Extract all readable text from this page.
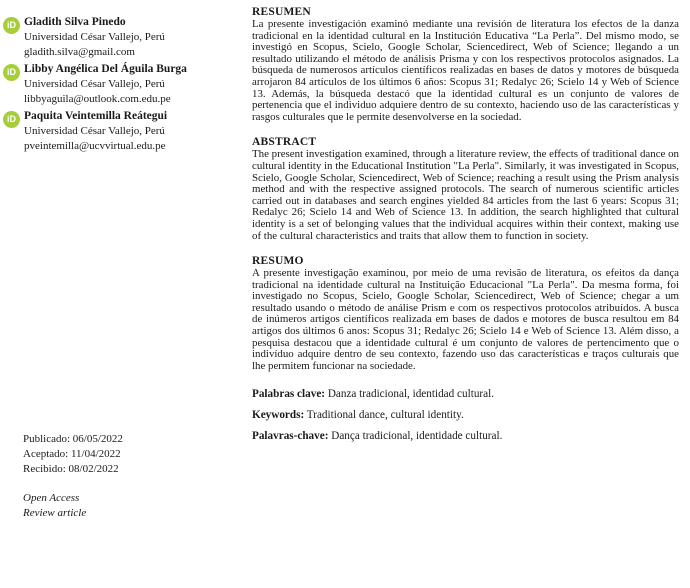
iD Gladith Silva Pinedo
Universidad César Vallejo, Perú
gladith.silva@gmail.com
iD Libby Angélica Del Águila Burga
Universidad César Vallejo, Perú
libbyaguila@outlook.com.edu.pe
iD Paquita Veintemilla Reátegui
Universidad César Vallejo, Perú
pveintemilla@ucvvirtual.edu.pe
Publicado: 06/05/2022
Aceptado: 11/04/2022
Recibido: 08/02/2022
Open Access
Review article
RESUMEN
La presente investigación examinó mediante una revisión de literatura los efectos de la danza tradicional en la identidad cultural en la Institución Educativa “La Perla”. Del mismo modo, se investigó en Scopus, Scielo, Google Scholar, Sciencedirect, Web of Science; llegando a un resultado utilizando el método de análisis Prisma y con los respectivos protocolos asignados. La búsqueda de numerosos artículos científicos realizadas en bases de datos y motores de búsqueda arrojaron 84 artículos de los últimos 6 años: Scopus 31; Redalyc 26; Scielo 14 y Web of Science 13. Además, la búsqueda destacó que la identidad cultural es un conjunto de valores de pertenencia que el individuo adquiere dentro de su contexto, haciendo uso de las características y rasgos culturales que le permite desenvolverse en la sociedad.
ABSTRACT
The present investigation examined, through a literature review, the effects of traditional dance on cultural identity in the Educational Institution "La Perla". Similarly, it was investigated in Scopus, Scielo, Google Scholar, Sciencedirect, Web of Science; reaching a result using the Prism analysis method and with the respective assigned protocols. The search of numerous scientific articles carried out in databases and search engines yielded 84 articles from the last 6 years: Scopus 31; Redalyc 26; Scielo 14 and Web of Science 13. In addition, the search highlighted that cultural identity is a set of belonging values that the individual acquires within their context, making use of the cultural characteristics and traits that allow them to function in society.
RESUMO
A presente investigação examinou, por meio de uma revisão de literatura, os efeitos da dança tradicional na identidade cultural na Instituição Educacional "La Perla". Da mesma forma, foi investigado no Scopus, Scielo, Google Scholar, Sciencedirect, Web of Science; chegar a um resultado usando o método de análise Prism e com os respectivos protocolos atribuídos. A busca de inúmeros artigos científicos realizada em bases de dados e motores de busca resultou em 84 artigos dos últimos 6 anos: Scopus 31; Redalyc 26; Scielo 14 e Web of Science 13. Além disso, a pesquisa destacou que a identidade cultural é um conjunto de valores de pertencimento que o indivíduo adquire dentro de seu contexto, fazendo uso das características e traços culturais que lhe permitem funcionar na sociedade.
Palabras clave: Danza tradicional, identidad cultural.
Keywords: Traditional dance, cultural identity.
Palavras-chave: Dança tradicional, identidade cultural.
